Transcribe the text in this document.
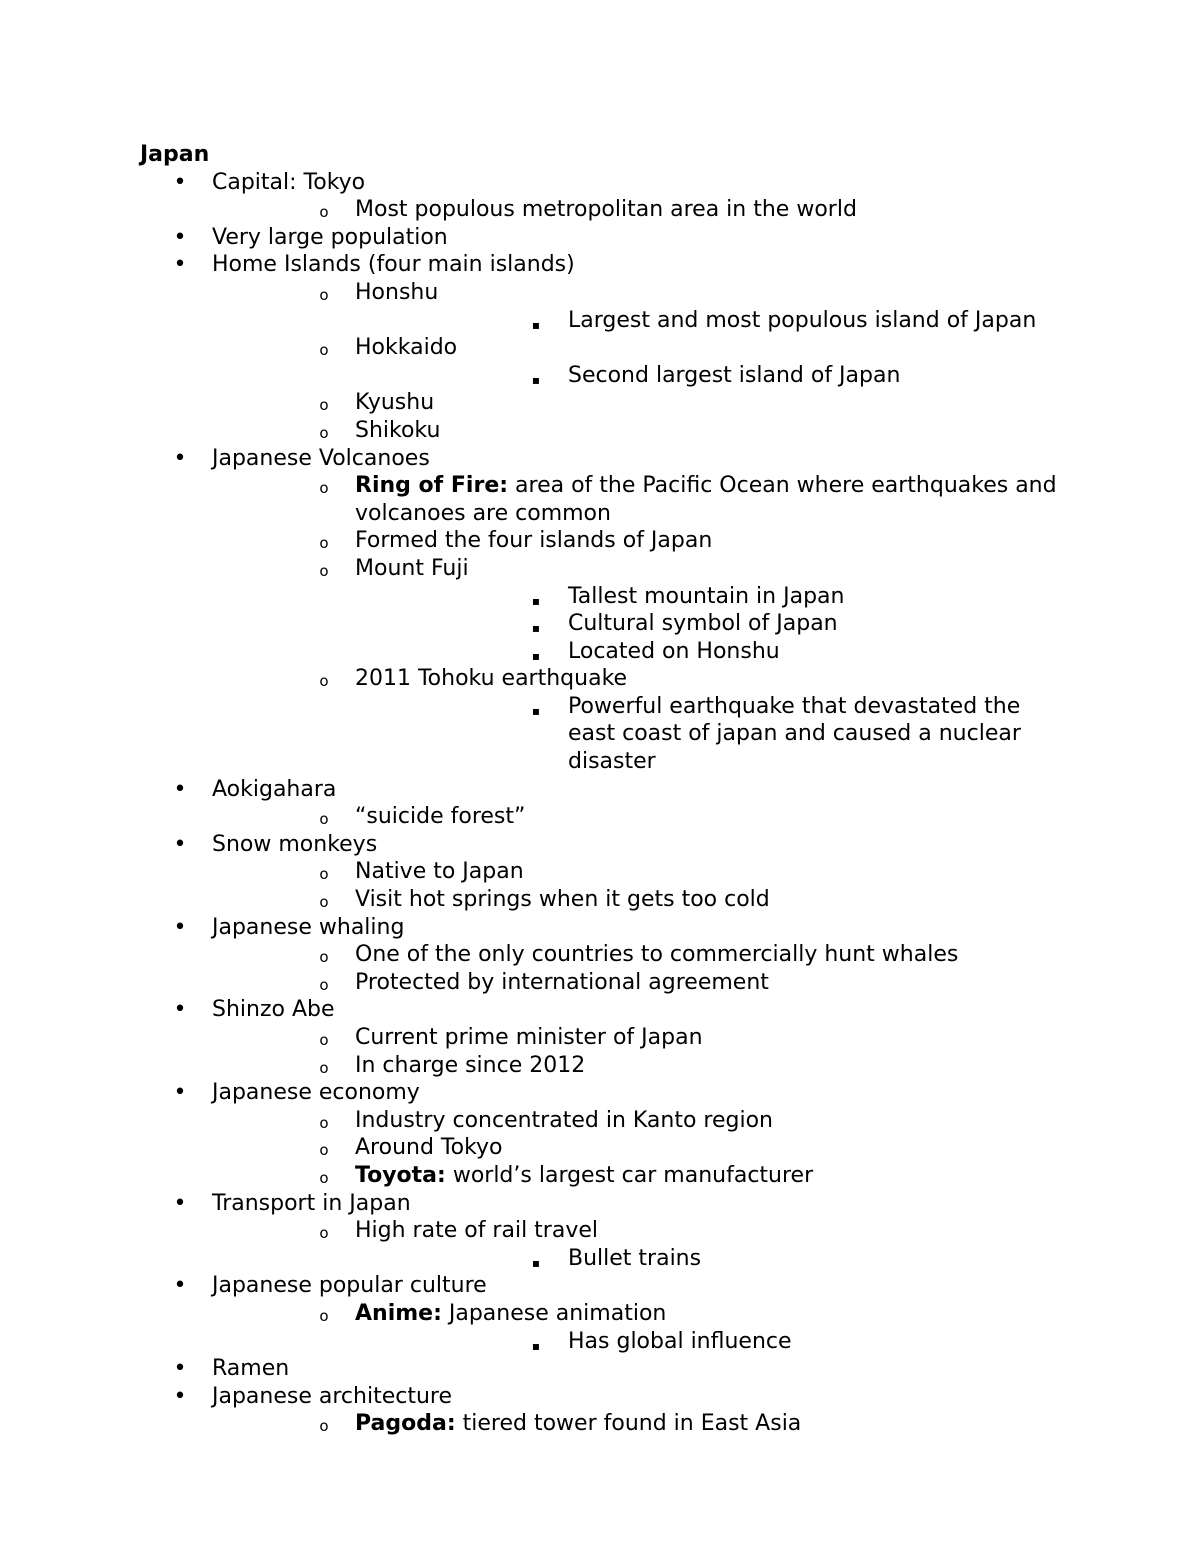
Japan
• Capital: Tokyo
o Most populous metropolitan area in the world
• Very large population
• Home Islands (four main islands)
o Honshu
▪ Largest and most populous island of Japan
o Hokkaido
▪ Second largest island of Japan
o Kyushu
o Shikoku
• Japanese Volcanoes
o Ring of Fire: area of the Pacific Ocean where earthquakes and volcanoes are common
o Formed the four islands of Japan
o Mount Fuji
▪ Tallest mountain in Japan
▪ Cultural symbol of Japan
▪ Located on Honshu
o 2011 Tohoku earthquake
▪ Powerful earthquake that devastated the east coast of japan and caused a nuclear disaster
• Aokigahara
o “suicide forest”
• Snow monkeys
o Native to Japan
o Visit hot springs when it gets too cold
• Japanese whaling
o One of the only countries to commercially hunt whales
o Protected by international agreement
• Shinzo Abe
o Current prime minister of Japan
o In charge since 2012
• Japanese economy
o Industry concentrated in Kanto region
o Around Tokyo
o Toyota: world’s largest car manufacturer
• Transport in Japan
o High rate of rail travel
▪ Bullet trains
• Japanese popular culture
o Anime: Japanese animation
▪ Has global influence
• Ramen
• Japanese architecture
o Pagoda: tiered tower found in East Asia
